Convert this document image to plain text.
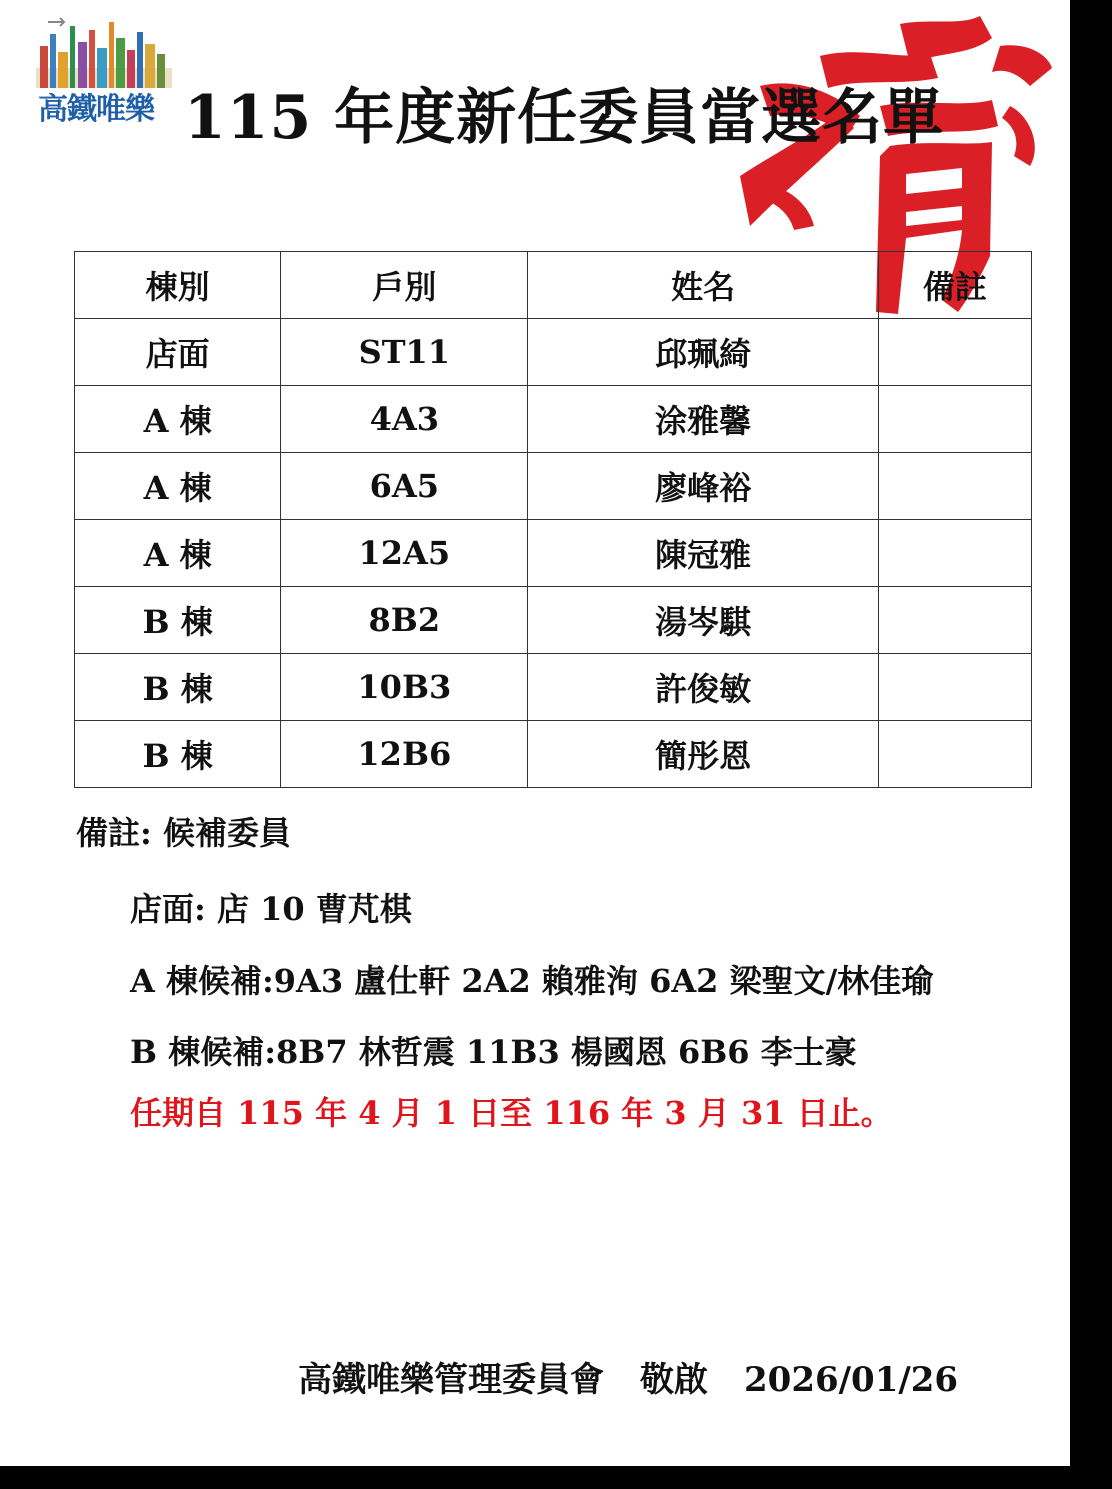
高鐵唯樂 115 年度新任委員當選名單
棟別	戶別	姓名	備註
店面	ST11	邱珮綺	
A 棟	4A3	涂雅馨	
A 棟	6A5	廖峰裕	
A 棟	12A5	陳冠雅	
B 棟	8B2	湯岑騏	
B 棟	10B3	許俊敏	
B 棟	12B6	簡彤恩	
備註: 候補委員
店面: 店 10 曹芃棋
A 棟候補:9A3 盧仕軒 2A2 賴雅洵 6A2 梁聖文/林佳瑜
B 棟候補:8B7 林哲震 11B3 楊國恩 6B6 李士豪
任期自 115 年 4 月 1 日至 116 年 3 月 31 日止。
高鐵唯樂管理委員會 敬啟 2026/01/26
